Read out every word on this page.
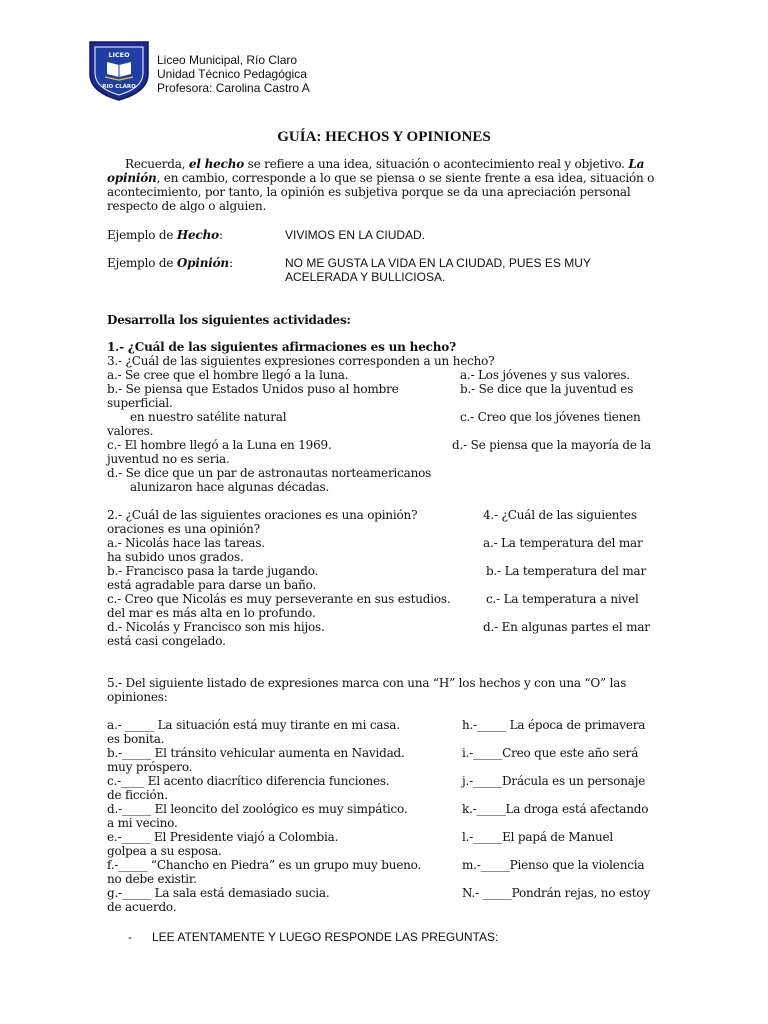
LICEO
RIO CLARO
Liceo Municipal, Río Claro
Unidad Técnico Pedagógica
Profesora: Carolina Castro A
GUÍA: HECHOS Y OPINIONES
Recuerda, el hecho se refiere a una idea, situación o acontecimiento real y objetivo. La
opinión, en cambio, corresponde a lo que se piensa o se siente frente a esa idea, situación o
acontecimiento, por tanto, la opinión es subjetiva porque se da una apreciación personal
respecto de algo o alguien.
Ejemplo de Hecho:	VIVIMOS EN LA CIUDAD.
Ejemplo de Opinión:	NO ME GUSTA LA VIDA EN LA CIUDAD, PUES ES MUY
ACELERADA Y BULLICIOSA.
Desarrolla los siguientes actividades:
1.- ¿Cuál de las siguientes afirmaciones es un hecho?
3.- ¿Cuál de las siguientes expresiones corresponden a un hecho?
a.- Se cree que el hombre llegó a la luna.	a.- Los jóvenes y sus valores.
b.- Se piensa que Estados Unidos puso al hombre	b.- Se dice que la juventud es
superficial.
en nuestro satélite natural	c.- Creo que los jóvenes tienen
valores.
c.- El hombre llegó a la Luna en 1969.	d.- Se piensa que la mayoría de la
juventud no es seria.
d.- Se dice que un par de astronautas norteamericanos
alunizaron hace algunas décadas.
2.- ¿Cuál de las siguientes oraciones es una opinión?	4.- ¿Cuál de las siguientes
oraciones es una opinión?
a.- Nicolás hace las tareas.	a.- La temperatura del mar
ha subido unos grados.
b.- Francisco pasa la tarde jugando.	b.- La temperatura del mar
está agradable para darse un baño.
c.- Creo que Nicolás es muy perseverante en sus estudios.	c.- La temperatura a nivel
del mar es más alta en lo profundo.
d.- Nicolás y Francisco son mis hijos.	d.- En algunas partes el mar
está casi congelado.
5.- Del siguiente listado de expresiones marca con una “H” los hechos y con una “O” las
opiniones:
a.- _____ La situación está muy tirante en mi casa.	h.-_____ La época de primavera
es bonita.
b.-_____ El tránsito vehicular aumenta en Navidad.	i.-_____Creo que este año será
muy próspero.
c.-____ El acento diacrítico diferencia funciones.	j.-_____Drácula es un personaje
de ficción.
d.-_____ El leoncito del zoológico es muy simpático.	k.-_____La droga está afectando
a mi vecino.
e.-_____ El Presidente viajó a Colombia.	l.-_____El papá de Manuel
golpea a su esposa.
f.-_____ “Chancho en Piedra” es un grupo muy bueno.	m.-_____Pienso que la violencia
no debe existir.
g.-_____ La sala está demasiado sucia.	N.- _____Pondrán rejas, no estoy
de acuerdo.
- LEE ATENTAMENTE Y LUEGO RESPONDE LAS PREGUNTAS:
